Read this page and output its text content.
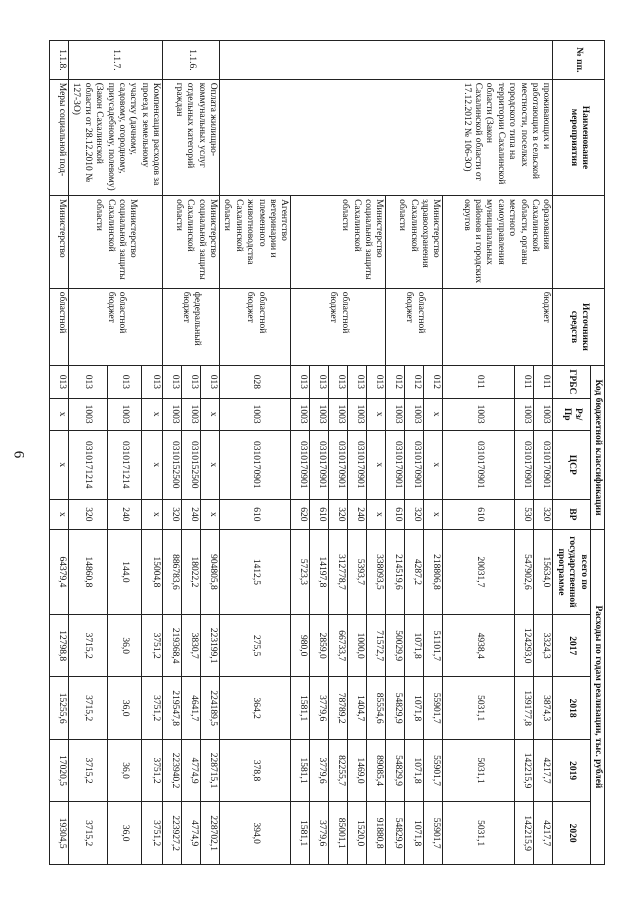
6
№ пп.	Наименование мероприятия		Источники средств	Код бюджетной классификации				Расходы по годам реализации, тыс. рублей				
				ГРБС	Рз/ Пр	ЦСР	ВР	всего по государственной программе	2017	2018	2019	2020
	проживающих и работающих в сельской местности, поселках городского типа на территории Сахалинской области (Закон Сахалинской области от 17.12.2012 № 106-ЗО)	образования Сахалинской области, органы местного самоуправления муниципальных районов и городских округов	бюджет	011	1003	0310170901	320	15634,0	3324,3	3874,3	4217,7	4217,7
				011	1003	0310170901	530	547902,6	124293,0	139177,8	142215,9	142215,9
				011	1003	0310170901	610	20031,7	4938,4	5031,1	5031,1	5031,1
		Министерство здравоохранения Сахалинской области	областной бюджет	012	х	х	х	218806,8	51101,7	55901,7	55901,7	55901,7
				012	1003	0310170901	320	4287,2	1071,8	1071,8	1071,8	1071,8
				012	1003	0310170901	610	214519,6	50029,9	54829,9	54829,9	54829,9
		Министерство социальной защиты Сахалинской области	областной бюджет	013	х	х	х	338093,5	71572,7	85554,6	89085,4	91880,8
				013	1003	0310170901	240	5393,7	1000,0	1404,7	1469,0	1520,0
				013	1003	0310170901	320	312778,7	66733,7	78789,2	82255,7	85001,1
				013	1003	0310170901	610	14197,8	2859,0	3779,6	3779,6	3779,6
				013	1003	0310170901	620	5723,3	980,0	1581,1	1581,1	1581,1
		Агентство ветеринарии и племенного животноводства Сахалинской области	областной бюджет	028	1003	0310170901	610	1412,5	275,5	364,2	378,8	394,0
1.1.6.	Оплата жилищно-коммунальных услуг отдельных категорий граждан	Министерство социальной защиты Сахалинской области	федеральный бюджет	013	х	х	х	904805,8	223199,1	224189,5	228715,1	228702,1
				013	1003	0310152500	240	18022,2	3830,7	4641,7	4774,9	4774,9
				013	1003	0310152500	320	886783,6	219368,4	219547,8	223940,2	223927,2
1.1.7.	Компенсация расходов за проезд к земельному участку (дачному, садовому, огородному, приусадебному, полевому) (Закон Сахалинской области от 28.12.2010 № 127-ЗО)	Министерство социальной защиты Сахалинской области	областной бюджет	013	х	х	х	15004,8	3751,2	3751,2	3751,2	3751,2
				013	1003	0310171214	240	144,0	36,0	36,0	36,0	36,0
				013	1003	0310171214	320	14860,8	3715,2	3715,2	3715,2	3715,2
1.1.8.	Меры социальной под-	Министерство	областной	013	х	х	х	64379,4	12798,8	15255,6	17020,5	19304,5
